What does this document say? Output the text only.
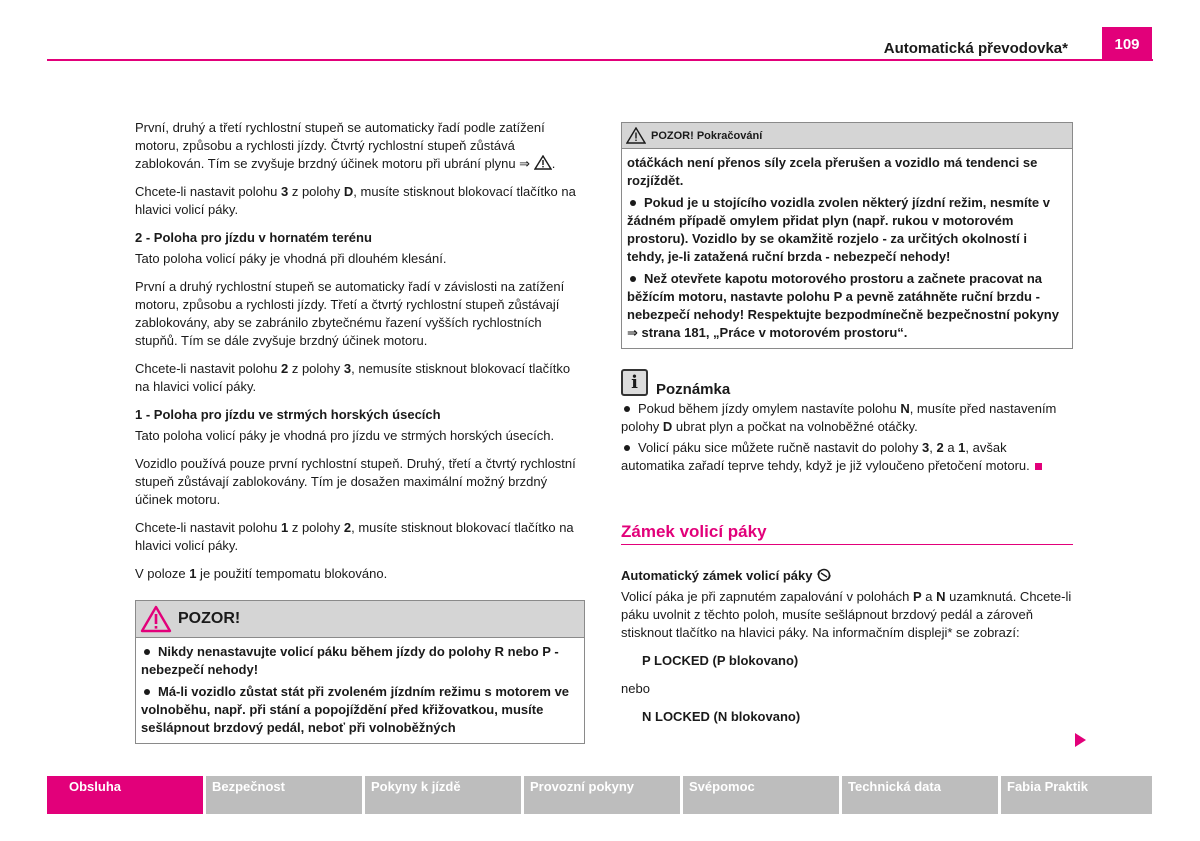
Automatická převodovka*	109

První, druhý a třetí rychlostní stupeň se automaticky řadí podle zatížení motoru, způsobu a rychlosti jízdy. Čtvrtý rychlostní stupeň zůstává zablokován. Tím se zvyšuje brzdný účinek motoru při ubrání plynu ⇒ .

Chcete-li nastavit polohu 3 z polohy D, musíte stisknout blokovací tlačítko na hlavici volicí páky.

2 - Poloha pro jízdu v hornatém terénu

Tato poloha volicí páky je vhodná při dlouhém klesání.

První a druhý rychlostní stupeň se automaticky řadí v závislosti na zatížení motoru, způsobu a rychlosti jízdy. Třetí a čtvrtý rychlostní stupeň zůstávají zablokovány, aby se zabránilo zbytečnému řazení vyšších rychlostních stupňů. Tím se dále zvyšuje brzdný účinek motoru.

Chcete-li nastavit polohu 2 z polohy 3, nemusíte stisknout blokovací tlačítko na hlavici volicí páky.

1 - Poloha pro jízdu ve strmých horských úsecích

Tato poloha volicí páky je vhodná pro jízdu ve strmých horských úsecích.

Vozidlo používá pouze první rychlostní stupeň. Druhý, třetí a čtvrtý rychlostní stupeň zůstávají zablokovány. Tím je dosažen maximální možný brzdný účinek motoru.

Chcete-li nastavit polohu 1 z polohy 2, musíte stisknout blokovací tlačítko na hlavici volicí páky.

V poloze 1 je použití tempomatu blokováno.

POZOR!

Nikdy nenastavujte volicí páku během jízdy do polohy R nebo P - nebezpečí nehody!

Má-li vozidlo zůstat stát při zvoleném jízdním režimu s motorem ve volnoběhu, např. při stání a popojíždění před křižovatkou, musíte sešlápnout brzdový pedál, neboť při volnoběžných

POZOR! Pokračování

otáčkách není přenos síly zcela přerušen a vozidlo má tendenci se rozjíždět.

Pokud je u stojícího vozidla zvolen některý jízdní režim, nesmíte v žádném případě omylem přidat plyn (např. rukou v motorovém prostoru). Vozidlo by se okamžitě rozjelo - za určitých okolností i tehdy, je-li zatažená ruční brzda - nebezpečí nehody!

Než otevřete kapotu motorového prostoru a začnete pracovat na běžícím motoru, nastavte polohu P a pevně zatáhněte ruční brzdu - nebezpečí nehody! Respektujte bezpodmínečně bezpečnostní pokyny ⇒ strana 181, „Práce v motorovém prostoru“.

i	Poznámka

Pokud během jízdy omylem nastavíte polohu N, musíte před nastavením polohy D ubrat plyn a počkat na volnoběžné otáčky.

Volicí páku sice můžete ručně nastavit do polohy 3, 2 a 1, avšak automatika zařadí teprve tehdy, když je již vyloučeno přetočení motoru.

Zámek volicí páky
Automatický zámek volicí páky

Volicí páka je při zapnutém zapalování v polohách P a N uzamknutá. Chcete-li páku uvolnit z těchto poloh, musíte sešlápnout brzdový pedál a zároveň stisknout tlačítko na hlavici páky. Na informačním displeji* se zobrazí:

P LOCKED (P blokovano)

nebo

N LOCKED (N blokovano)

Obsluha	Bezpečnost	Pokyny k jízdě	Provozní pokyny	Svépomoc	Technická data	Fabia Praktik
